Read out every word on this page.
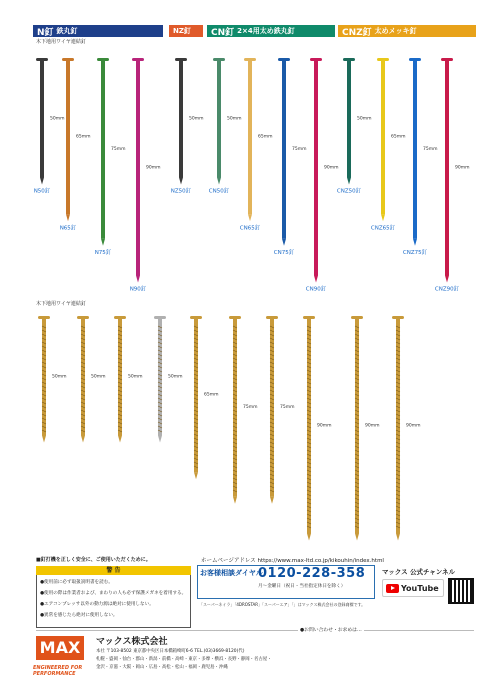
N釘 鉄丸釘	NZ釘 CN釘 2×4用太め鉄丸釘	CNZ釘 太めメッキ釘
木下地用ワイヤ連結釘
木下地用ワイヤ連結釘
50mm
N50釘
65mm
N65釘
75mm
N75釘
90mm
N90釘
50mm
NZ50釘
50mm
CN50釘
65mm
CN65釘
75mm
CN75釘
90mm
CN90釘
50mm
CNZ50釘
65mm
CNZ65釘
75mm
CNZ75釘
90mm
CNZ90釘
50mm	50mm	50mm	50mm
65mm
75mm	75mm
90mm	90mm	90mm
■釘打機を正しく安全に、ご使用いただくために。
警 告
●使用前に必ず取扱説明書を読む。
●使用の際は作業者および、まわりの人も必ず保護メガネを着用する。
●エアコンプレッサ以外の動力源は絶対に使用しない。
●異常を感じたら絶対に使用しない。
ホームページアドレス https://www.max-ltd.co.jp/kikouhin/index.html
お客様相談ダイヤル
0120-228-358
月～金曜日（祝日・当社指定休日を除く）
「スーパーネイラ」「4DROSTAR」「スーパーエア」「」はマックス株式会社の登録商標です。
マックス 公式チャンネル
YouTube
●お問い合わせ・お求めは…
MAX
ENGINEERED FOR
PERFORMANCE
マックス株式会社
本社 〒103-8502 東京都中央区日本橋箱崎町6-6 TEL.(03)3669-8120(代)
札幌・盛岡・仙台・郡山・新潟・前橋・高崎・東京・多摩・横浜・長野・静岡・名古屋・
金沢・京滋・大阪・岡山・広島・高松・松山・福岡・鹿児島・沖縄
